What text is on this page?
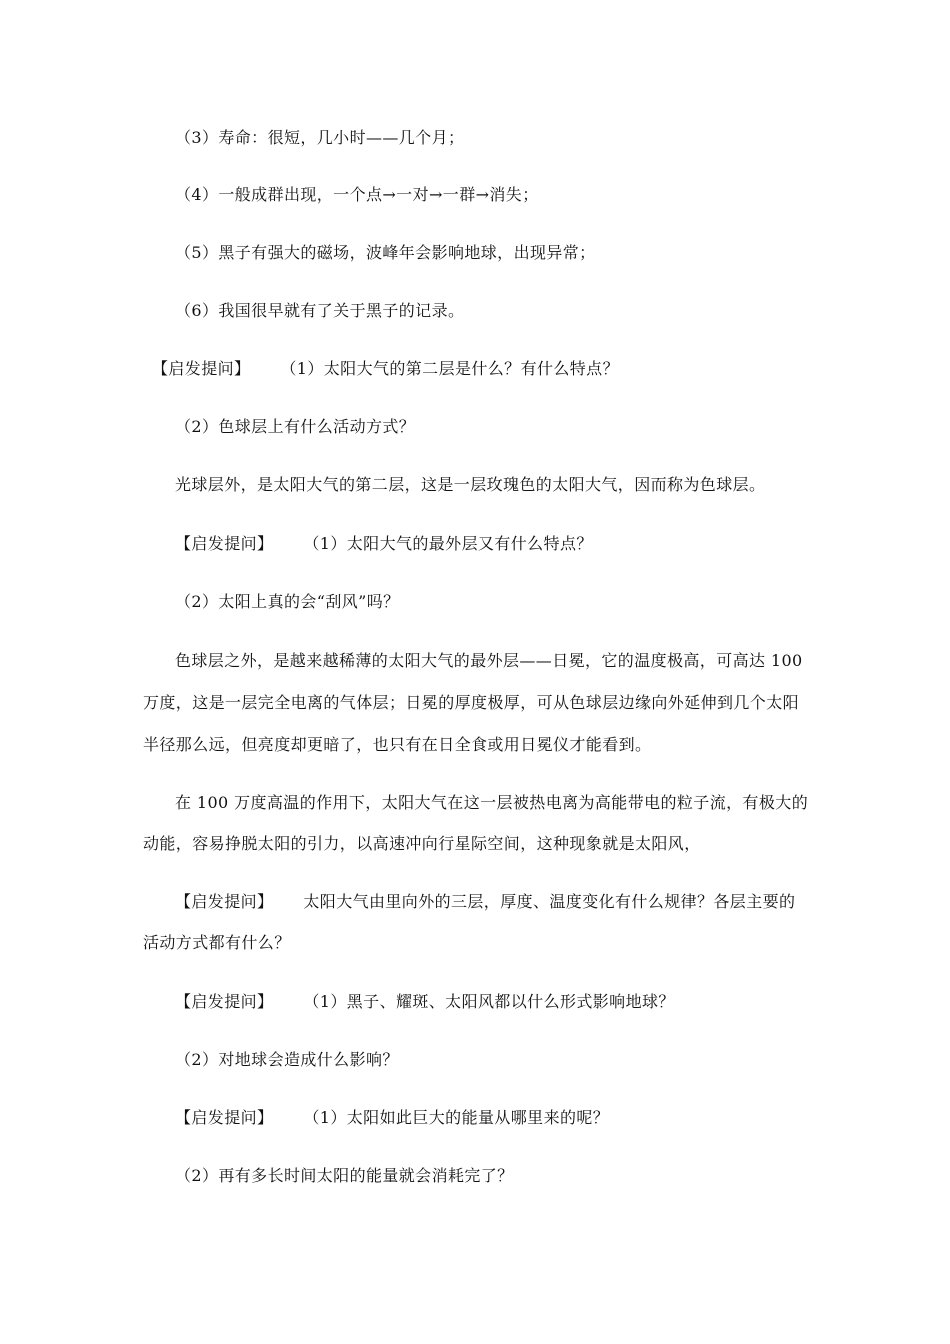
（3）寿命：很短，几小时——几个月；
（4）一般成群出现，一个点→一对→一群→消失；
（5）黑子有强大的磁场，波峰年会影响地球，出现异常；
（6）我国很早就有了关于黑子的记录。
【启发提问】 （1）太阳大气的第二层是什么？有什么特点？
（2）色球层上有什么活动方式？
光球层外，是太阳大气的第二层，这是一层玫瑰色的太阳大气，因而称为色球层。
【启发提问】 （1）太阳大气的最外层又有什么特点？
（2）太阳上真的会“刮风”吗？
色球层之外，是越来越稀薄的太阳大气的最外层——日冕，它的温度极高，可高达 100
万度，这是一层完全电离的气体层；日冕的厚度极厚，可从色球层边缘向外延伸到几个太阳
半径那么远，但亮度却更暗了，也只有在日全食或用日冕仪才能看到。
在 100 万度高温的作用下，太阳大气在这一层被热电离为高能带电的粒子流，有极大的
动能，容易挣脱太阳的引力，以高速冲向行星际空间，这种现象就是太阳风，
【启发提问】 太阳大气由里向外的三层，厚度、温度变化有什么规律？各层主要的
活动方式都有什么？
【启发提问】 （1）黑子、耀斑、太阳风都以什么形式影响地球？
（2）对地球会造成什么影响？
【启发提问】 （1）太阳如此巨大的能量从哪里来的呢？
（2）再有多长时间太阳的能量就会消耗完了？
